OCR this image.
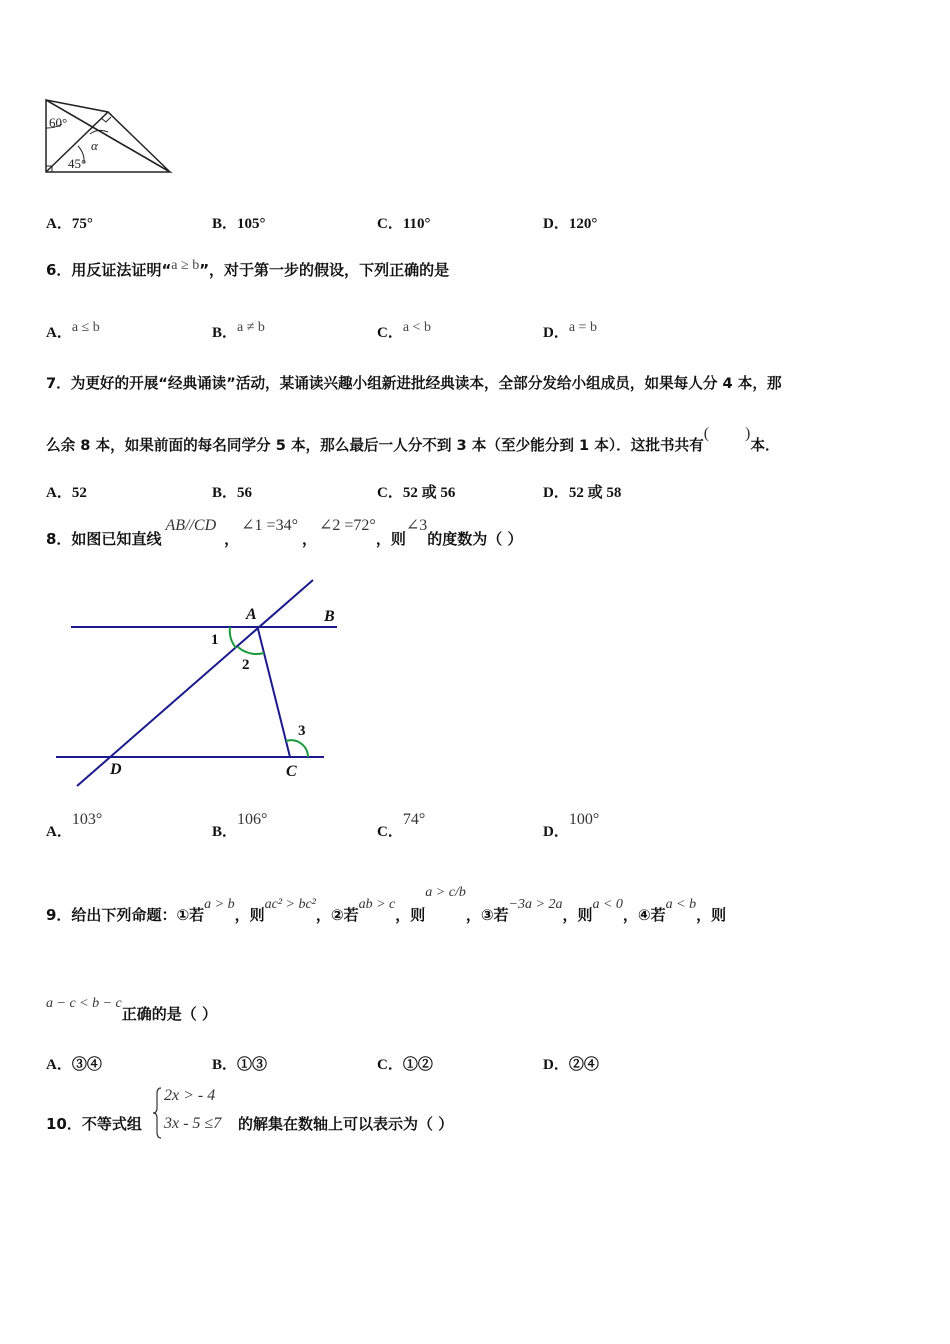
60°
α
45°
A．75°	B．105°	C．110°	D．120°
6．用反证法证明“a ≥ b”，对于第一步的假设，下列正确的是
A．a ≤ b	B．a ≠ b	C．a < b	D．a = b
7．为更好的开展“经典诵读”活动，某诵读兴趣小组新进批经典读本，全部分发给小组成员，如果每人分 4 本，那
么余 8 本，如果前面的每名同学分 5 本，那么最后一人分不到 3 本（至少能分到 1 本）．这批书共有( )本．
A．52	B．56	C．52 或 56	D．52 或 58
8．如图已知直线AB//CD，∠1 =34°，∠2 =72°，则∠3的度数为（ ）
A	B
C
D
1
2
3
A．103°
B．106°
C．74°
D．100°
9．给出下列命题：①若a > b，则ac² > bc²，②若ab > c，则a > c/b，③若−3a > 2a，则a < 0，④若a < b，则
a − c < b − c正确的是（ ）
A．③④	B．①③	C．①②	D．②④
10．不等式组
2x > - 4
3x - 5 ≤7 的解集在数轴上可以表示为（ ）
